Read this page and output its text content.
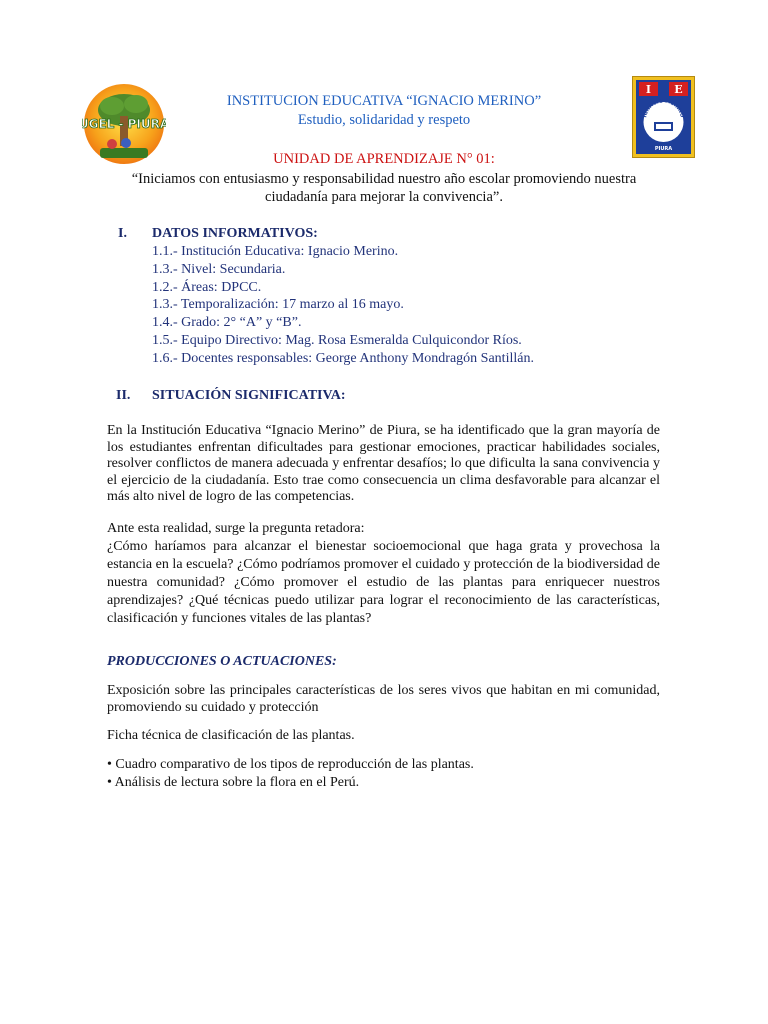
UGEL - PIURA
I E
IGNACIO MERINO
PIURA
INSTITUCION EDUCATIVA “IGNACIO MERINO”
Estudio, solidaridad y respeto
UNIDAD DE APRENDIZAJE N° 01:
“Iniciamos con entusiasmo y responsabilidad nuestro año escolar promoviendo nuestra ciudadanía para mejorar la convivencia”.
I. DATOS INFORMATIVOS:
1.1.- Institución Educativa: Ignacio Merino.
1.3.- Nivel: Secundaria.
1.2.- Áreas: DPCC.
1.3.- Temporalización: 17 marzo al 16 mayo.
1.4.- Grado: 2° “A” y “B”.
1.5.- Equipo Directivo: Mag. Rosa Esmeralda Culquicondor Ríos.
1.6.- Docentes responsables: George Anthony Mondragón Santillán.
II. SITUACIÓN SIGNIFICATIVA:
En la Institución Educativa “Ignacio Merino” de Piura, se ha identificado que la gran mayoría de los estudiantes enfrentan dificultades para gestionar emociones, practicar habilidades sociales, resolver conflictos de manera adecuada y enfrentar desafíos; lo que dificulta la sana convivencia y el ejercicio de la ciudadanía. Esto trae como consecuencia un clima desfavorable para alcanzar el más alto nivel de logro de las competencias.
Ante esta realidad, surge la pregunta retadora:
¿Cómo haríamos para alcanzar el bienestar socioemocional que haga grata y provechosa la estancia en la escuela? ¿Cómo podríamos promover el cuidado y protección de la biodiversidad de nuestra comunidad? ¿Cómo promover el estudio de las plantas para enriquecer nuestros aprendizajes? ¿Qué técnicas puedo utilizar para lograr el reconocimiento de las características, clasificación y funciones vitales de las plantas?
PRODUCCIONES O ACTUACIONES:
Exposición sobre las principales características de los seres vivos que habitan en mi comunidad, promoviendo su cuidado y protección
Ficha técnica de clasificación de las plantas.
• Cuadro comparativo de los tipos de reproducción de las plantas.
• Análisis de lectura sobre la flora en el Perú.
